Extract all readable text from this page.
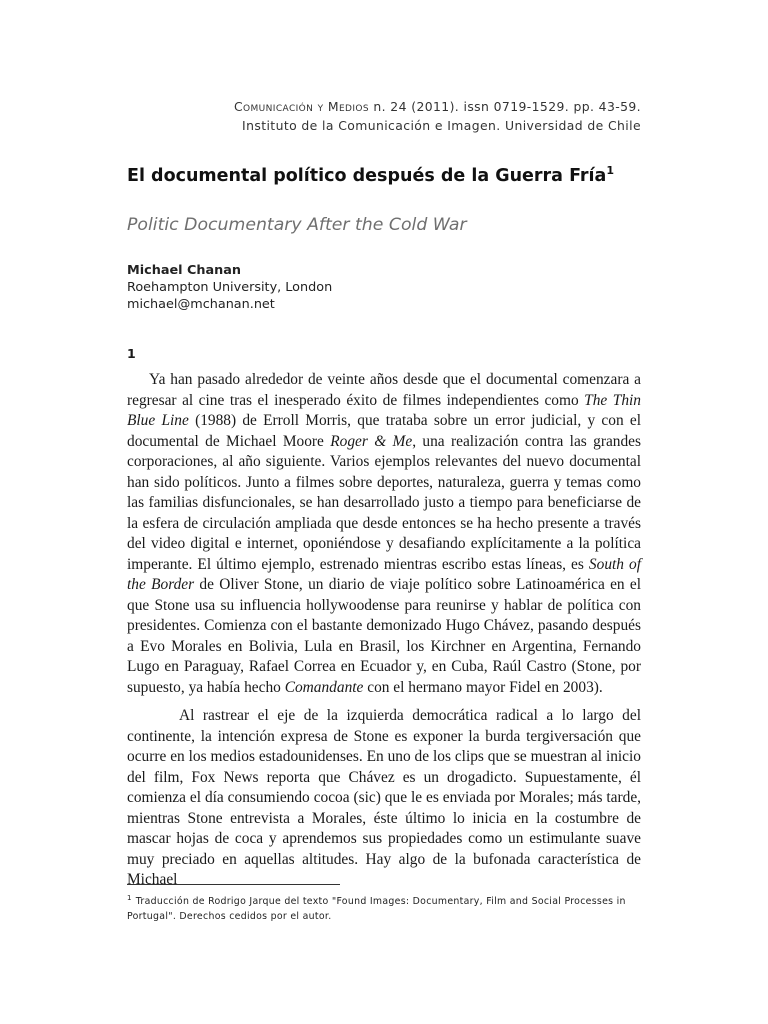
Comunicación y Medios n. 24 (2011). issn 0719-1529. pp. 43-59.
Instituto de la Comunicación e Imagen. Universidad de Chile
El documental político después de la Guerra Fría$^1$
Politic Documentary After the Cold War
Michael Chanan
Roehampton University, London
michael@mchanan.net
1

Ya han pasado alrededor de veinte años desde que el documental comenzara a regresar al cine tras el inesperado éxito de filmes independientes como The Thin Blue Line (1988) de Erroll Morris, que trataba sobre un error judicial, y con el documental de Michael Moore Roger & Me, una realización contra las grandes corporaciones, al año siguiente. Varios ejemplos relevantes del nuevo documental han sido políticos. Junto a filmes sobre deportes, naturaleza, guerra y temas como las familias disfuncionales, se han desarrollado justo a tiempo para beneficiarse de la esfera de circulación ampliada que desde entonces se ha hecho presente a través del video digital e internet, oponiéndose y desafiando explícitamente a la política imperante. El último ejemplo, estrenado mientras escribo estas líneas, es South of the Border de Oliver Stone, un diario de viaje político sobre Latinoamérica en el que Stone usa su influencia hollywoodense para reunirse y hablar de política con presidentes. Comienza con el bastante demonizado Hugo Chávez, pasando después a Evo Morales en Bolivia, Lula en Brasil, los Kirchner en Argentina, Fernando Lugo en Paraguay, Rafael Correa en Ecuador y, en Cuba, Raúl Castro (Stone, por supuesto, ya había hecho Comandante con el hermano mayor Fidel en 2003).

Al rastrear el eje de la izquierda democrática radical a lo largo del continente, la intención expresa de Stone es exponer la burda tergiversación que ocurre en los medios estadounidenses. En uno de los clips que se muestran al inicio del film, Fox News reporta que Chávez es un drogadicto. Supuestamente, él comienza el día consumiendo cocoa (sic) que le es enviada por Morales; más tarde, mientras Stone entrevista a Morales, éste último lo inicia en la costumbre de mascar hojas de coca y aprendemos sus propiedades como un estimulante suave muy preciado en aquellas altitudes. Hay algo de la bufonada característica de Michael

$^1$ Traducción de Rodrigo Jarque del texto "Found Images: Documentary, Film and Social Processes in Portugal". Derechos cedidos por el autor.
